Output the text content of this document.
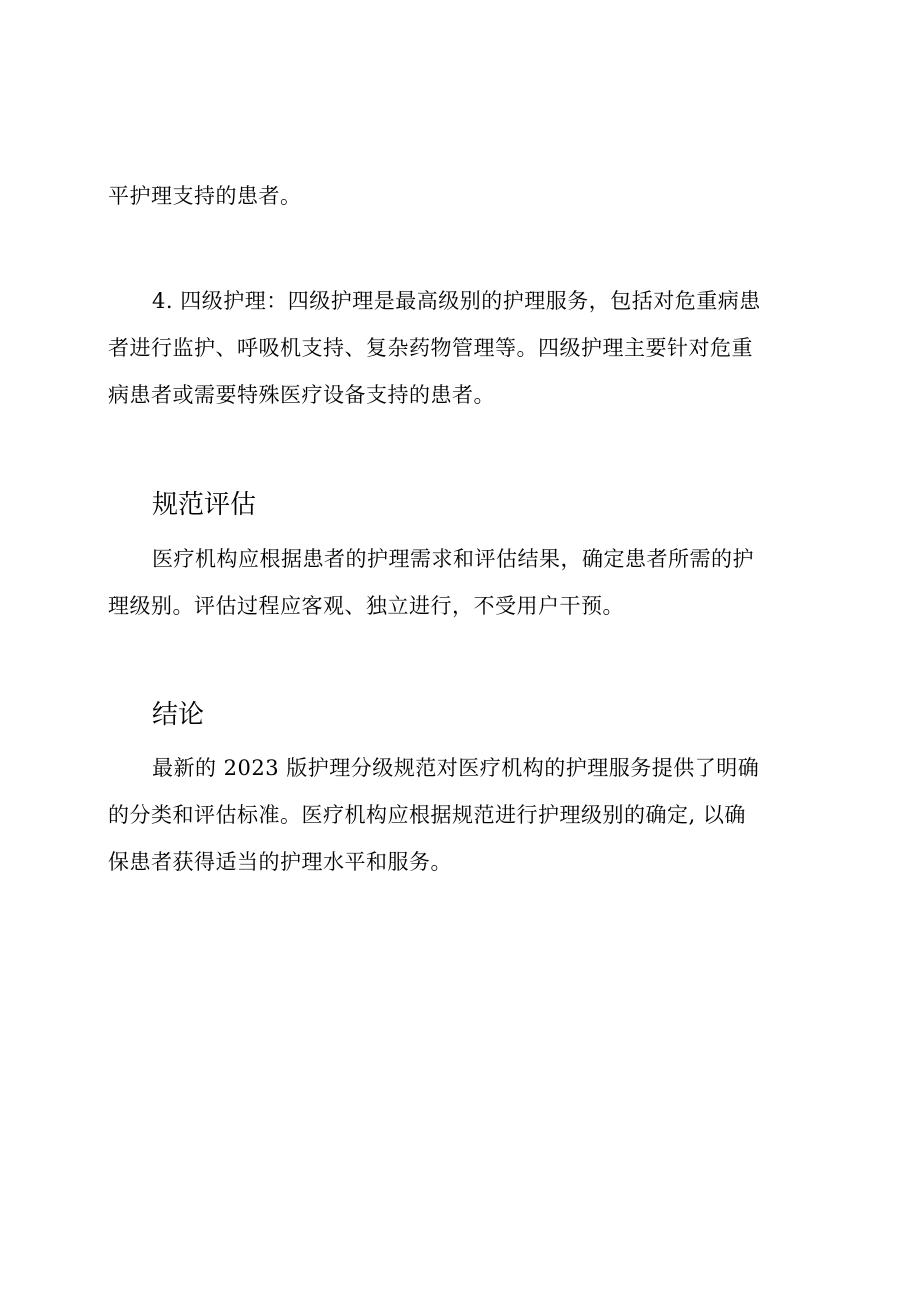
平护理支持的患者。
4. 四级护理：四级护理是最高级别的护理服务，包括对危重病患
者进行监护、呼吸机支持、复杂药物管理等。四级护理主要针对危重
病患者或需要特殊医疗设备支持的患者。
规范评估
医疗机构应根据患者的护理需求和评估结果，确定患者所需的护
理级别。评估过程应客观、独立进行，不受用户干预。
结论
最新的 2023 版护理分级规范对医疗机构的护理服务提供了明确
的分类和评估标准。医疗机构应根据规范进行护理级别的确定, 以确
保患者获得适当的护理水平和服务。
